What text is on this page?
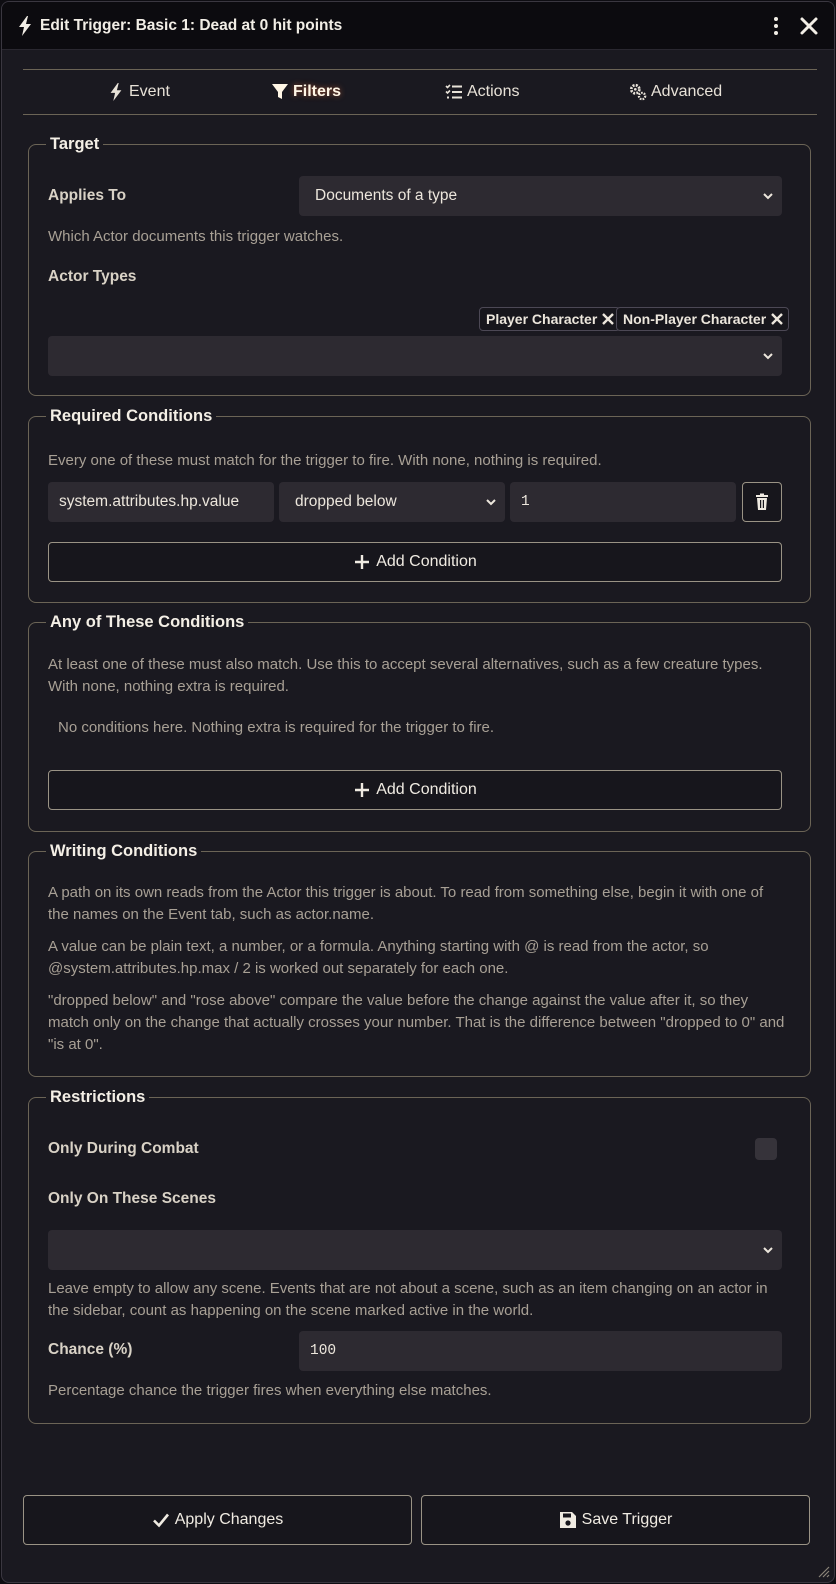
Edit Trigger: Basic 1: Dead at 0 hit points
Event	Filters	Actions	Advanced
Target
Applies To	Documents of a type
Which Actor documents this trigger watches.
Actor Types
Player Character Non-Player Character
Required Conditions
Every one of these must match for the trigger to fire. With none, nothing is required.
system.attributes.hp.value	dropped below	1
Add Condition
Any of These Conditions
At least one of these must also match. Use this to accept several alternatives, such as a few creature types. With none, nothing extra is required.
No conditions here. Nothing extra is required for the trigger to fire.
Add Condition
Writing Conditions
A path on its own reads from the Actor this trigger is about. To read from something else, begin it with one of the names on the Event tab, such as actor.name.
A value can be plain text, a number, or a formula. Anything starting with @ is read from the actor, so @system.attributes.hp.max / 2 is worked out separately for each one.
"dropped below" and "rose above" compare the value before the change against the value after it, so they match only on the change that actually crosses your number. That is the difference between "dropped to 0" and "is at 0".
Restrictions
Only During Combat
Only On These Scenes
Leave empty to allow any scene. Events that are not about a scene, such as an item changing on an actor in the sidebar, count as happening on the scene marked active in the world.
Chance (%)	100
Percentage chance the trigger fires when everything else matches.
Apply Changes	Save Trigger
